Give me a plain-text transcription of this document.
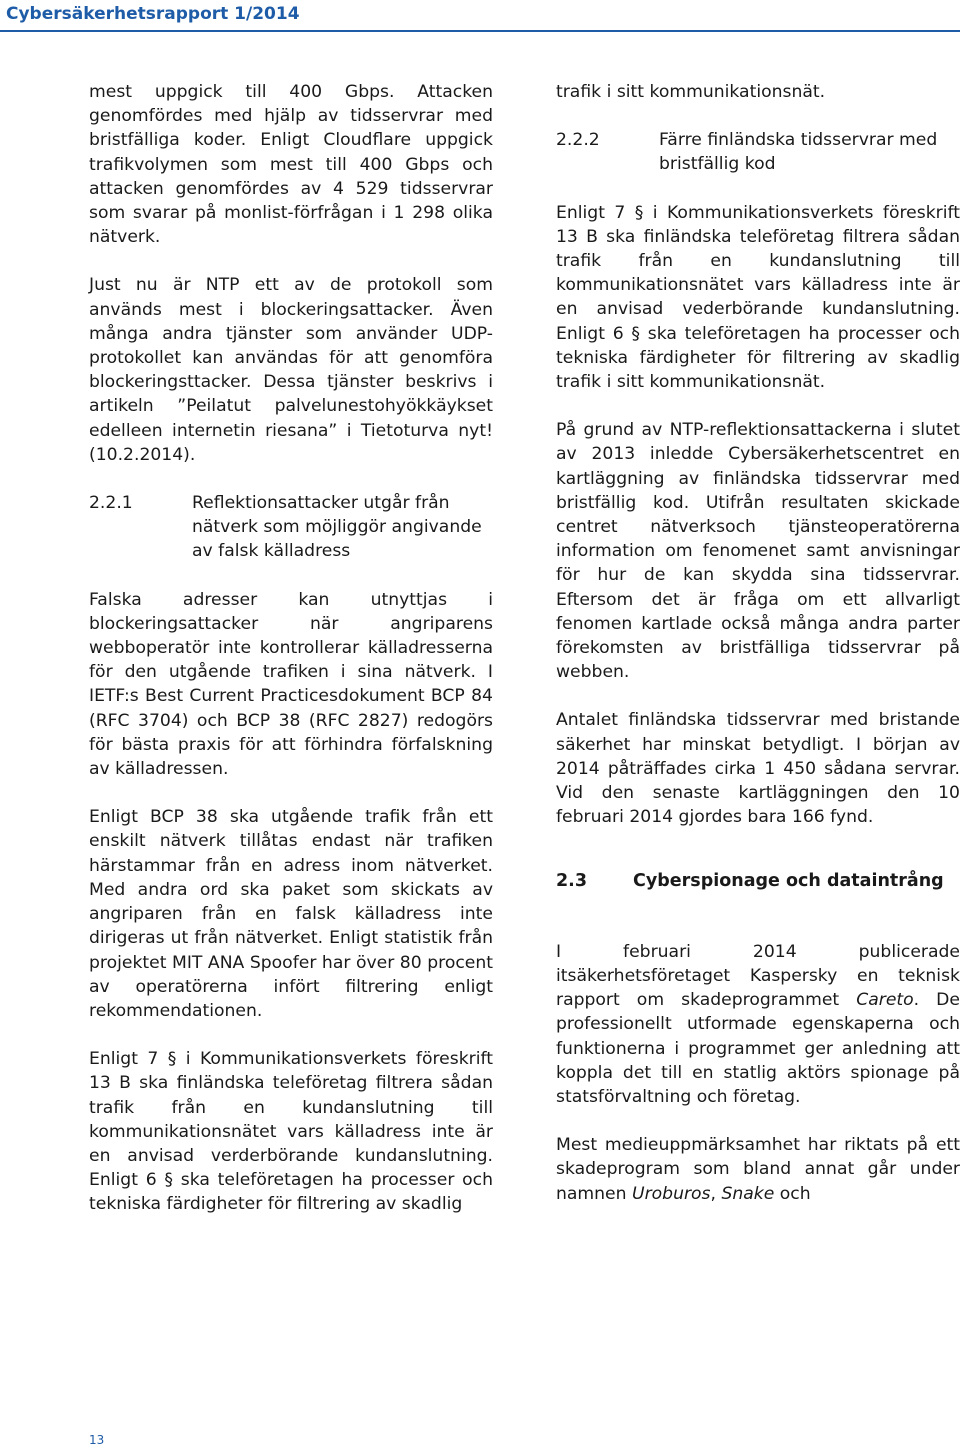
Cybersäkerhetsrapport 1/2014

mest uppgick till 400 Gbps. Attacken genomfördes med hjälp av tidsservrar med bristfälliga koder. Enligt Cloudflare uppgick trafikvolymen som mest till 400 Gbps och attacken genomfördes av 4 529 tidsservrar som svarar på monlist-förfrågan i 1 298 olika nätverk.

Just nu är NTP ett av de protokoll som används mest i blockeringsattacker. Även många andra tjänster som använder UDP-protokollet kan användas för att genomföra blockeringsttacker. Dessa tjänster beskrivs i artikeln ”Peilatut palvelunestohyökkäykset edelleen internetin riesana” i Tietoturva nyt! (10.2.2014).

2.2.1	Reflektionsattacker utgår från nätverk som möjliggör angivande av falsk källadress

Falska adresser kan utnyttjas i blockeringsattacker när angriparens webboperatör inte kontrollerar källadresserna för den utgående trafiken i sina nätverk. I IETF:s Best Current Practicesdokument BCP 84 (RFC 3704) och BCP 38 (RFC 2827) redogörs för bästa praxis för att förhindra förfalskning av källadressen.

Enligt BCP 38 ska utgående trafik från ett enskilt nätverk tillåtas endast när trafiken härstammar från en adress inom nätverket. Med andra ord ska paket som skickats av angriparen från en falsk källadress inte dirigeras ut från nätverket. Enligt statistik från projektet MIT ANA Spoofer har över 80 procent av operatörerna infört filtrering enligt rekommendationen.

Enligt 7 § i Kommunikationsverkets föreskrift 13 B ska finländska teleföretag filtrera sådan trafik från en kundanslutning till kommunikationsnätet vars källadress inte är en anvisad verderbörande kundanslutning. Enligt 6 § ska teleföretagen ha processer och tekniska färdigheter för filtrering av skadlig

trafik i sitt kommunikationsnät.

2.2.2	Färre finländska tidsservrar med bristfällig kod

Enligt 7 § i Kommunikationsverkets föreskrift 13 B ska finländska teleföretag filtrera sådan trafik från en kundanslutning till kommunikationsnätet vars källadress inte är en anvisad vederbörande kundanslutning. Enligt 6 § ska teleföretagen ha processer och tekniska färdigheter för filtrering av skadlig trafik i sitt kommunikationsnät.

På grund av NTP-reflektionsattackerna i slutet av 2013 inledde Cybersäkerhetscentret en kartläggning av finländska tidsservrar med bristfällig kod. Utifrån resultaten skickade centret nätverksoch tjänsteoperatörerna information om fenomenet samt anvisningar för hur de kan skydda sina tidsservrar. Eftersom det är fråga om ett allvarligt fenomen kartlade också många andra parter förekomsten av bristfälliga tidsservrar på webben.

Antalet finländska tidsservrar med bristande säkerhet har minskat betydligt. I början av 2014 påträffades cirka 1 450 sådana servrar. Vid den senaste kartläggningen den 10 februari 2014 gjordes bara 166 fynd.

2.3	Cyberspionage och dataintrång

I februari 2014 publicerade itsäkerhetsföretaget Kaspersky en teknisk rapport om skadeprogrammet Careto. De professionellt utformade egenskaperna och funktionerna i programmet ger anledning att koppla det till en statlig aktörs spionage på statsförvaltning och företag.

Mest medieuppmärksamhet har riktats på ett skadeprogram som bland annat går under namnen Uroburos, Snake och

13
